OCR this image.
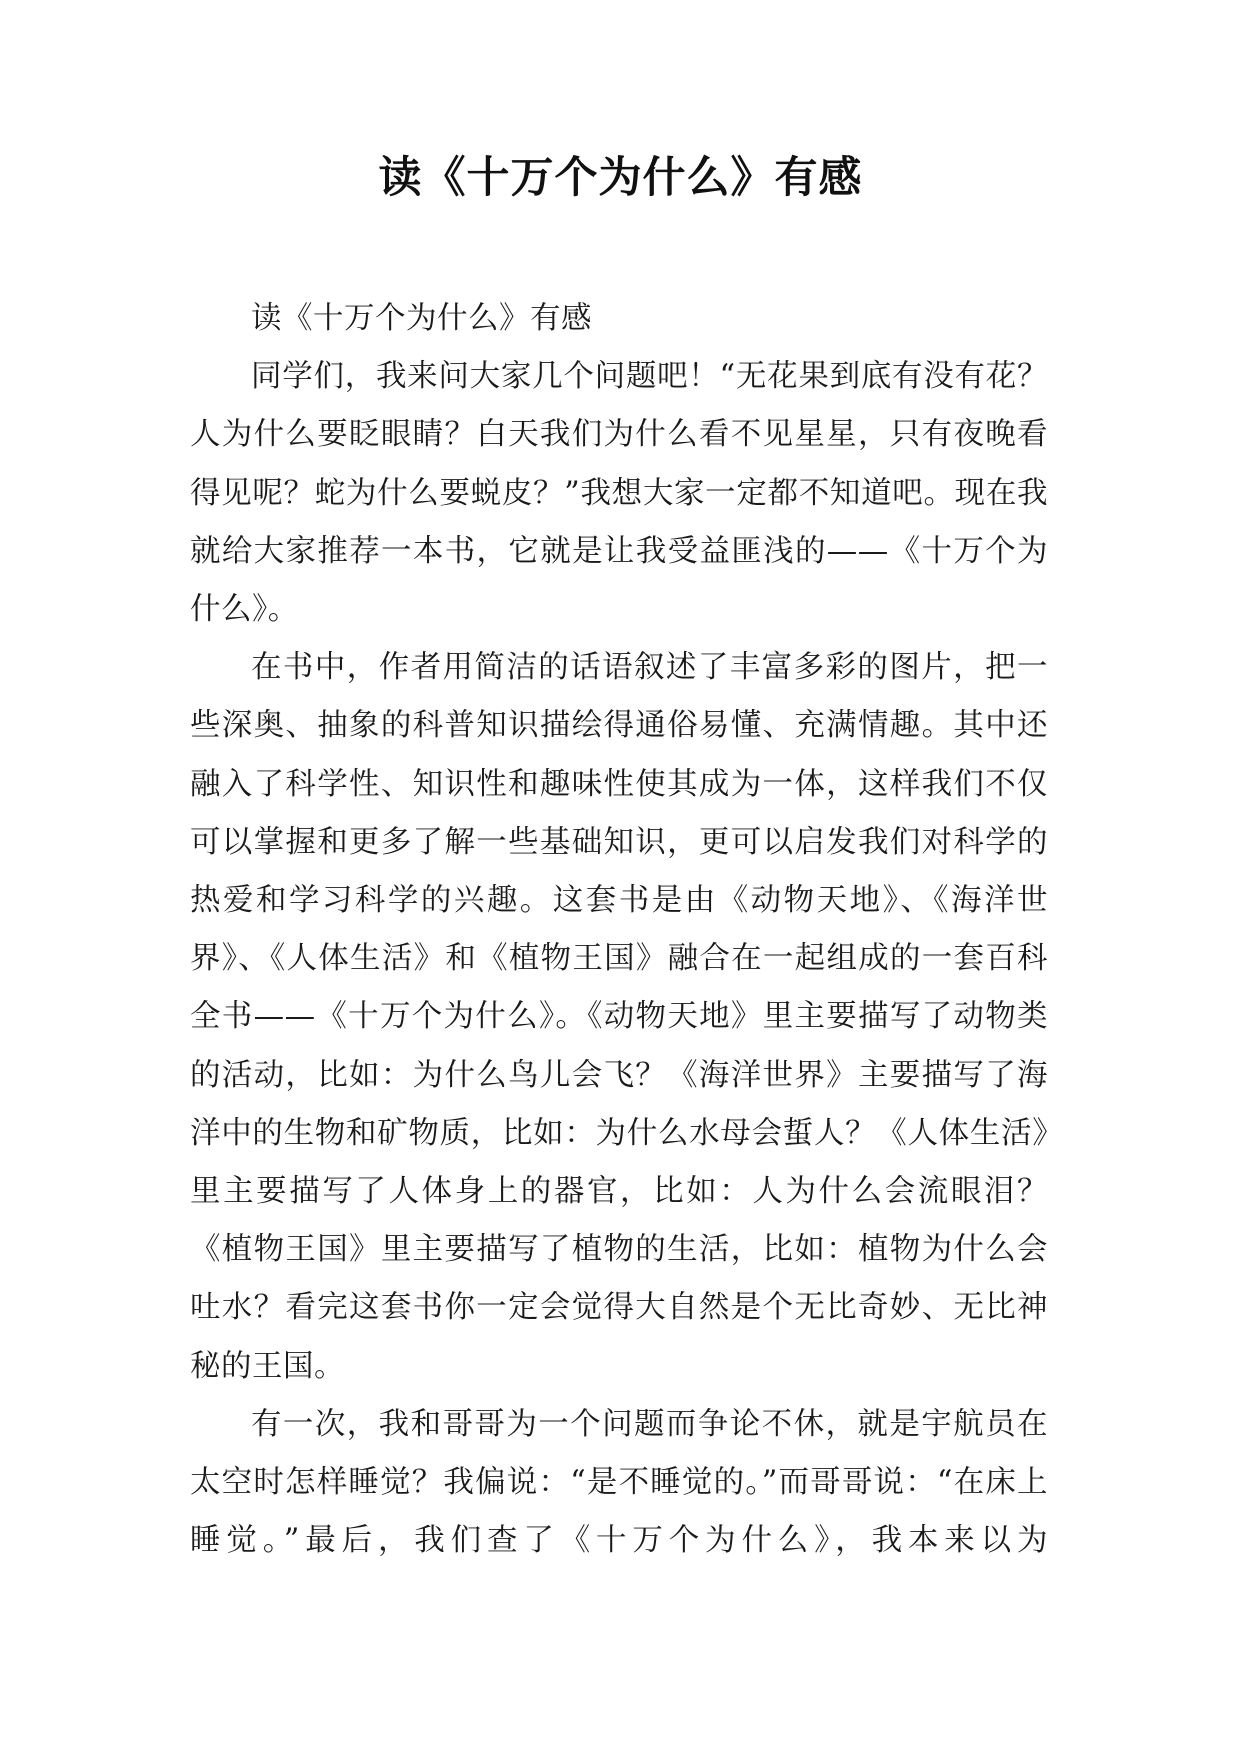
读《十万个为什么》有感

读《十万个为什么》有感

同学们，我来问大家几个问题吧！“无花果到底有没有花？人为什么要眨眼睛？白天我们为什么看不见星星，只有夜晚看得见呢？蛇为什么要蜕皮？”我想大家一定都不知道吧。现在我就给大家推荐一本书，它就是让我受益匪浅的——《十万个为什么》。

在书中，作者用简洁的话语叙述了丰富多彩的图片，把一些深奥、抽象的科普知识描绘得通俗易懂、充满情趣。其中还融入了科学性、知识性和趣味性使其成为一体，这样我们不仅可以掌握和更多了解一些基础知识，更可以启发我们对科学的热爱和学习科学的兴趣。这套书是由《动物天地》、《海洋世界》、《人体生活》和《植物王国》融合在一起组成的一套百科全书——《十万个为什么》。《动物天地》里主要描写了动物类的活动，比如：为什么鸟儿会飞？《海洋世界》主要描写了海洋中的生物和矿物质，比如：为什么水母会蜇人？《人体生活》里主要描写了人体身上的器官，比如：人为什么会流眼泪？《植物王国》里主要描写了植物的生活，比如：植物为什么会吐水？看完这套书你一定会觉得大自然是个无比奇妙、无比神秘的王国。

有一次，我和哥哥为一个问题而争论不休，就是宇航员在太空时怎样睡觉？我偏说：“是不睡觉的。”而哥哥说：“在床上睡觉。”最后，我们查了《十万个为什么》，我本来以为
